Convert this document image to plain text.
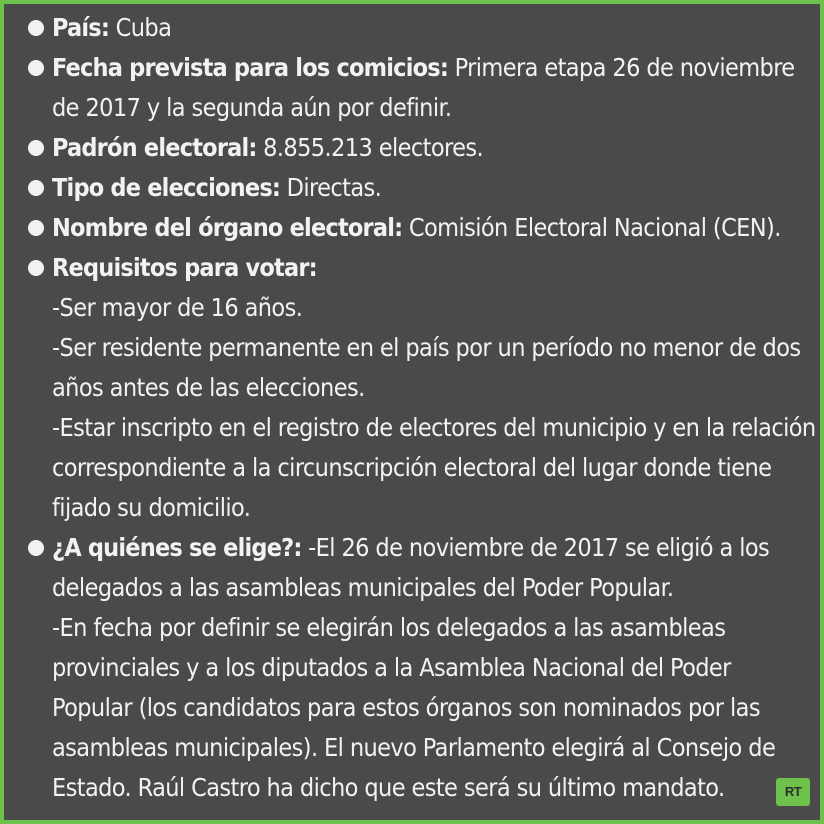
País: Cuba
Fecha prevista para los comicios: Primera etapa 26 de noviembre de 2017 y la segunda aún por definir.
Padrón electoral: 8.855.213 electores.
Tipo de elecciones: Directas.
Nombre del órgano electoral: Comisión Electoral Nacional (CEN).
Requisitos para votar:
-Ser mayor de 16 años.
-Ser residente permanente en el país por un período no menor de dos años antes de las elecciones.
-Estar inscripto en el registro de electores del municipio y en la relación correspondiente a la circunscripción electoral del lugar donde tiene fijado su domicilio.
¿A quiénes se elige?: -El 26 de noviembre de 2017 se eligió a los delegados a las asambleas municipales del Poder Popular.
-En fecha por definir se elegirán los delegados a las asambleas provinciales y a los diputados a la Asamblea Nacional del Poder Popular (los candidatos para estos órganos son nominados por las asambleas municipales). El nuevo Parlamento elegirá al Consejo de Estado. Raúl Castro ha dicho que este será su último mandato.	RT
